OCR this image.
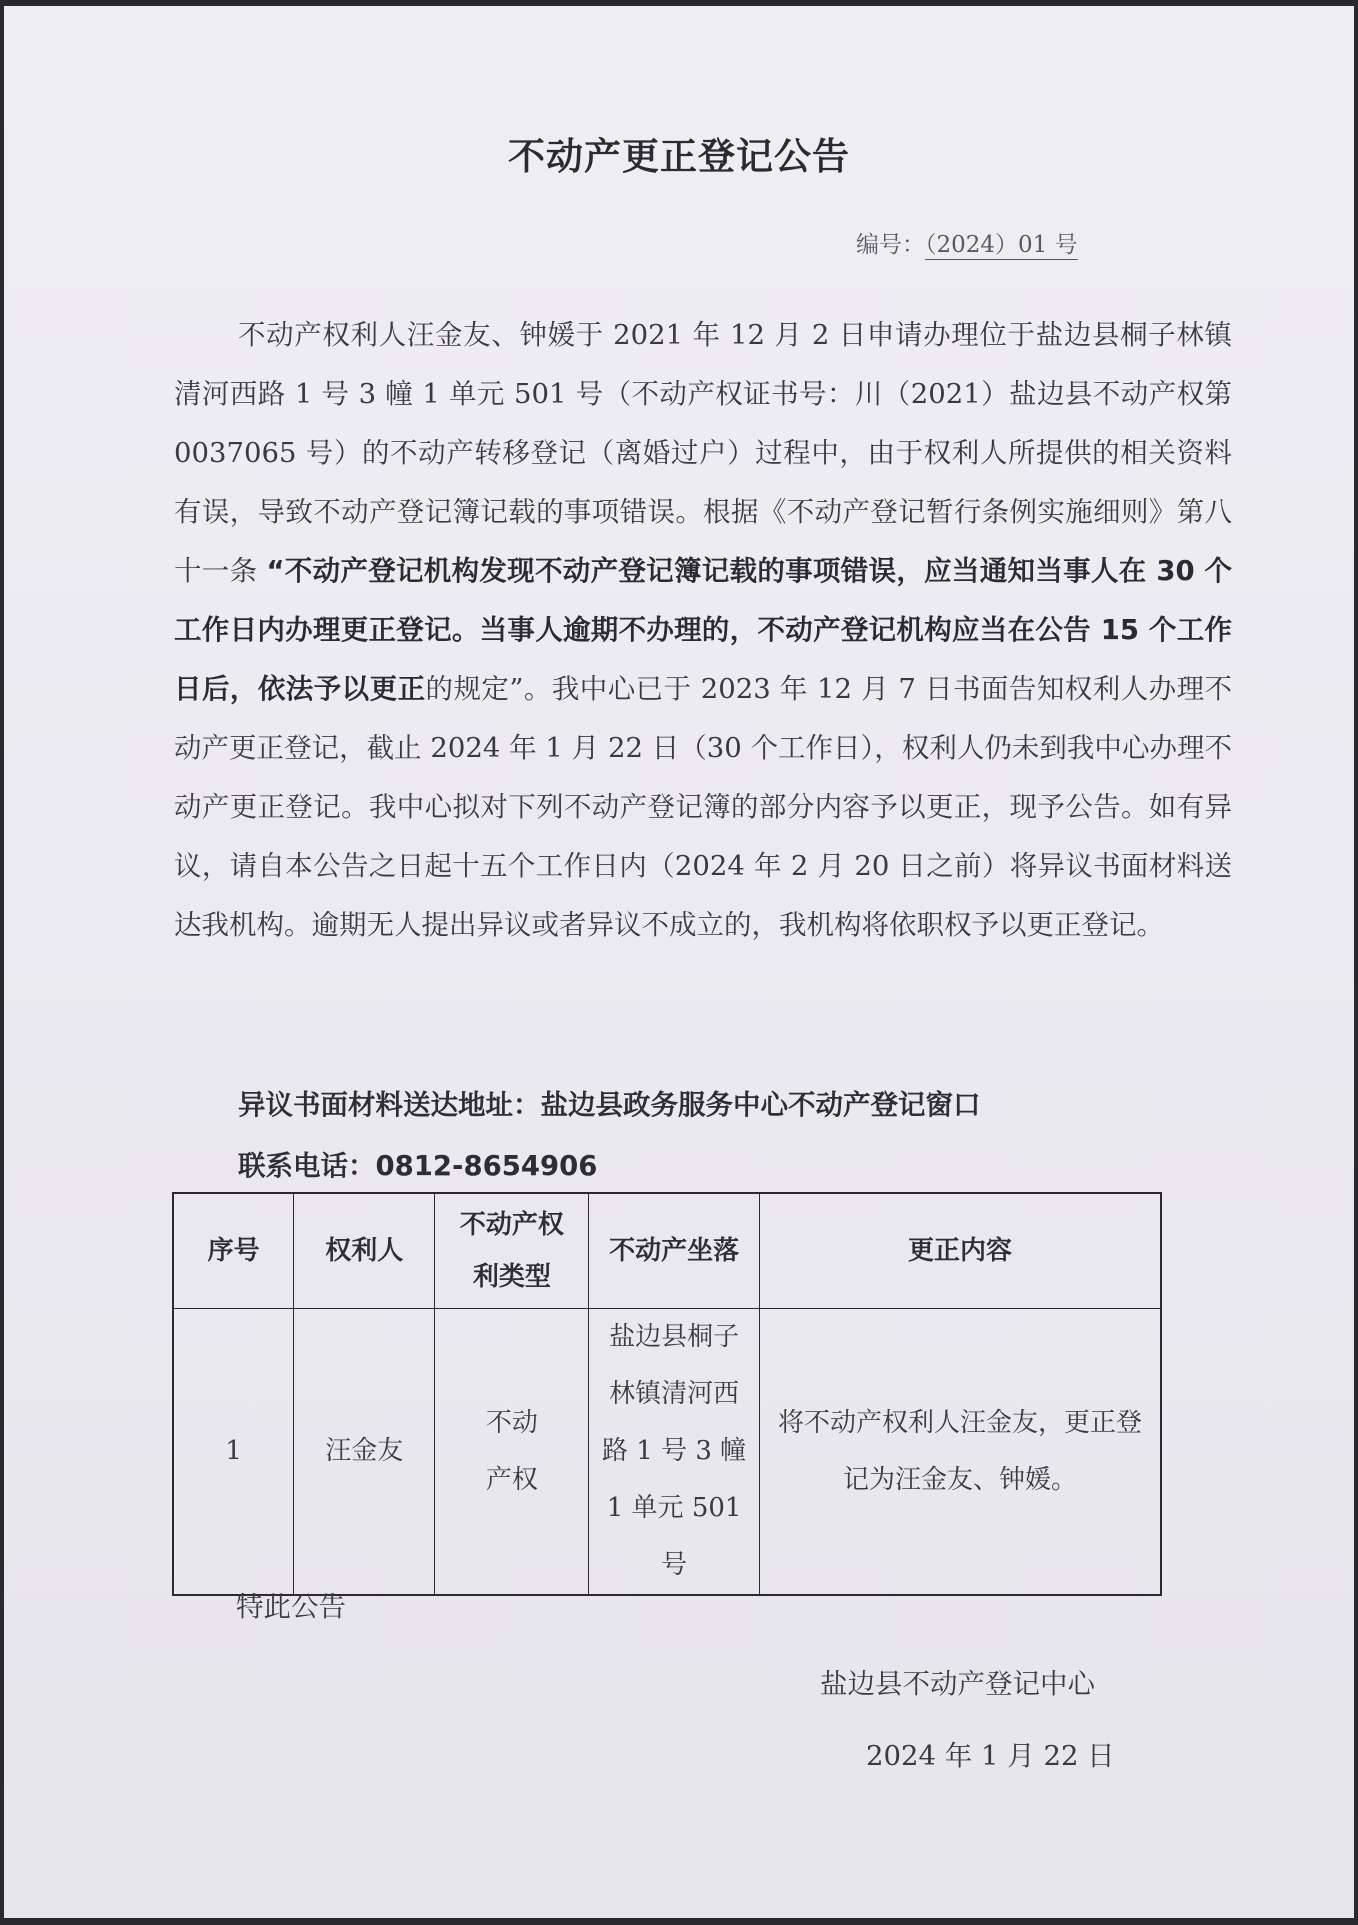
不动产更正登记公告
编号：（2024）01 号

不动产权利人汪金友、钟媛于 2021 年 12 月 2 日申请办理位于盐边县桐子林镇清河西路 1 号 3 幢 1 单元 501 号（不动产权证书号：川（2021）盐边县不动产权第 0037065 号）的不动产转移登记（离婚过户）过程中，由于权利人所提供的相关资料有误，导致不动产登记簿记载的事项错误。根据《不动产登记暂行条例实施细则》第八十一条 “不动产登记机构发现不动产登记簿记载的事项错误，应当通知当事人在 30 个工作日内办理更正登记。当事人逾期不办理的，不动产登记机构应当在公告 15 个工作日后，依法予以更正的规定”。我中心已于 2023 年 12 月 7 日书面告知权利人办理不动产更正登记，截止 2024 年 1 月 22 日（30 个工作日），权利人仍未到我中心办理不动产更正登记。我中心拟对下列不动产登记簿的部分内容予以更正，现予公告。如有异议，请自本公告之日起十五个工作日内（2024 年 2 月 20 日之前）将异议书面材料送达我机构。逾期无人提出异议或者异议不成立的，我机构将依职权予以更正登记。

异议书面材料送达地址：盐边县政务服务中心不动产登记窗口
联系电话：0812-8654906
序号	权利人	不动产权利类型	不动产坐落	更正内容
1	汪金友	不动产权	盐边县桐子林镇清河西路 1 号 3 幢 1 单元 501 号	将不动产权利人汪金友，更正登记为汪金友、钟媛。
特此公告
盐边县不动产登记中心
2024 年 1 月 22 日
